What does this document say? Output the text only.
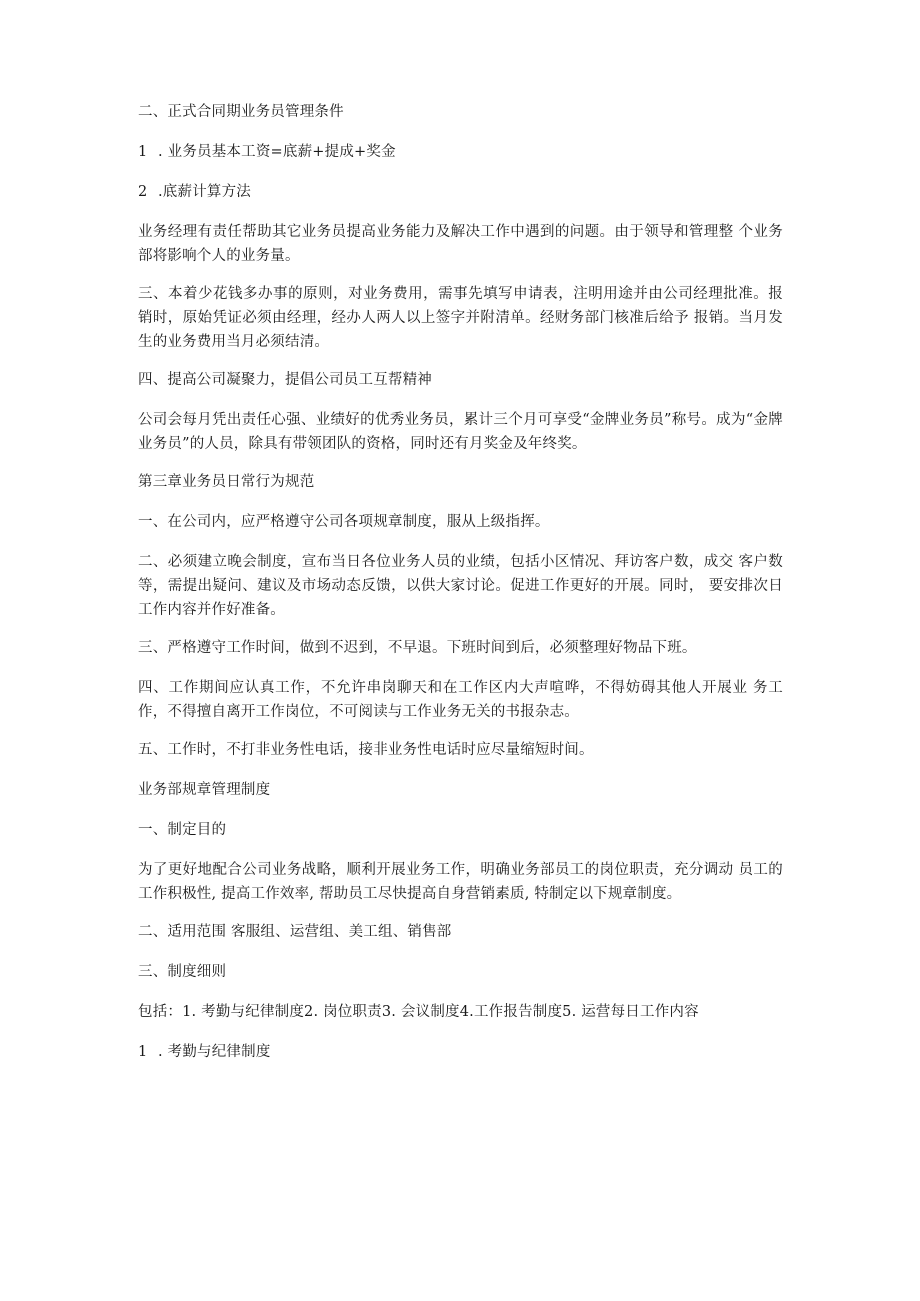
二、正式合同期业务员管理条件

1 . 业务员基本工资=底薪+提成+奖金

2 .底薪计算方法

业务经理有责任帮助其它业务员提高业务能力及解决工作中遇到的问题。由于领导和管理整 个业务部将影响个人的业务量。

三、本着少花钱多办事的原则，对业务费用，需事先填写申请表，注明用途并由公司经理批准。报销时，原始凭证必须由经理，经办人两人以上签字并附清单。经财务部门核准后给予 报销。当月发生的业务费用当月必须结清。

四、提高公司凝聚力，提倡公司员工互帮精神

公司会每月凭出责任心强、业绩好的优秀业务员，累计三个月可享受“金牌业务员”称号。成为“金牌业务员”的人员，除具有带领团队的资格，同时还有月奖金及年终奖。

第三章业务员日常行为规范

一、在公司内，应严格遵守公司各项规章制度，服从上级指挥。

二、必须建立晚会制度，宣布当日各位业务人员的业绩，包括小区情况、拜访客户数，成交 客户数等，需提出疑问、建议及市场动态反馈，以供大家讨论。促进工作更好的开展。同时， 要安排次日工作内容并作好准备。

三、严格遵守工作时间，做到不迟到，不早退。下班时间到后，必须整理好物品下班。

四、工作期间应认真工作，不允许串岗聊天和在工作区内大声喧哗，不得妨碍其他人开展业 务工作，不得擅自离开工作岗位，不可阅读与工作业务无关的书报杂志。

五、工作时，不打非业务性电话，接非业务性电话时应尽量缩短时间。

业务部规章管理制度

一、制定目的

为了更好地配合公司业务战略，顺利开展业务工作，明确业务部员工的岗位职责，充分调动 员工的工作积极性, 提高工作效率, 帮助员工尽快提高自身营销素质, 特制定以下规章制度。

二、适用范围 客服组、运营组、美工组、销售部

三、制度细则

包括：1. 考勤与纪律制度2. 岗位职责3. 会议制度4.工作报告制度5. 运营每日工作内容

1 . 考勤与纪律制度
